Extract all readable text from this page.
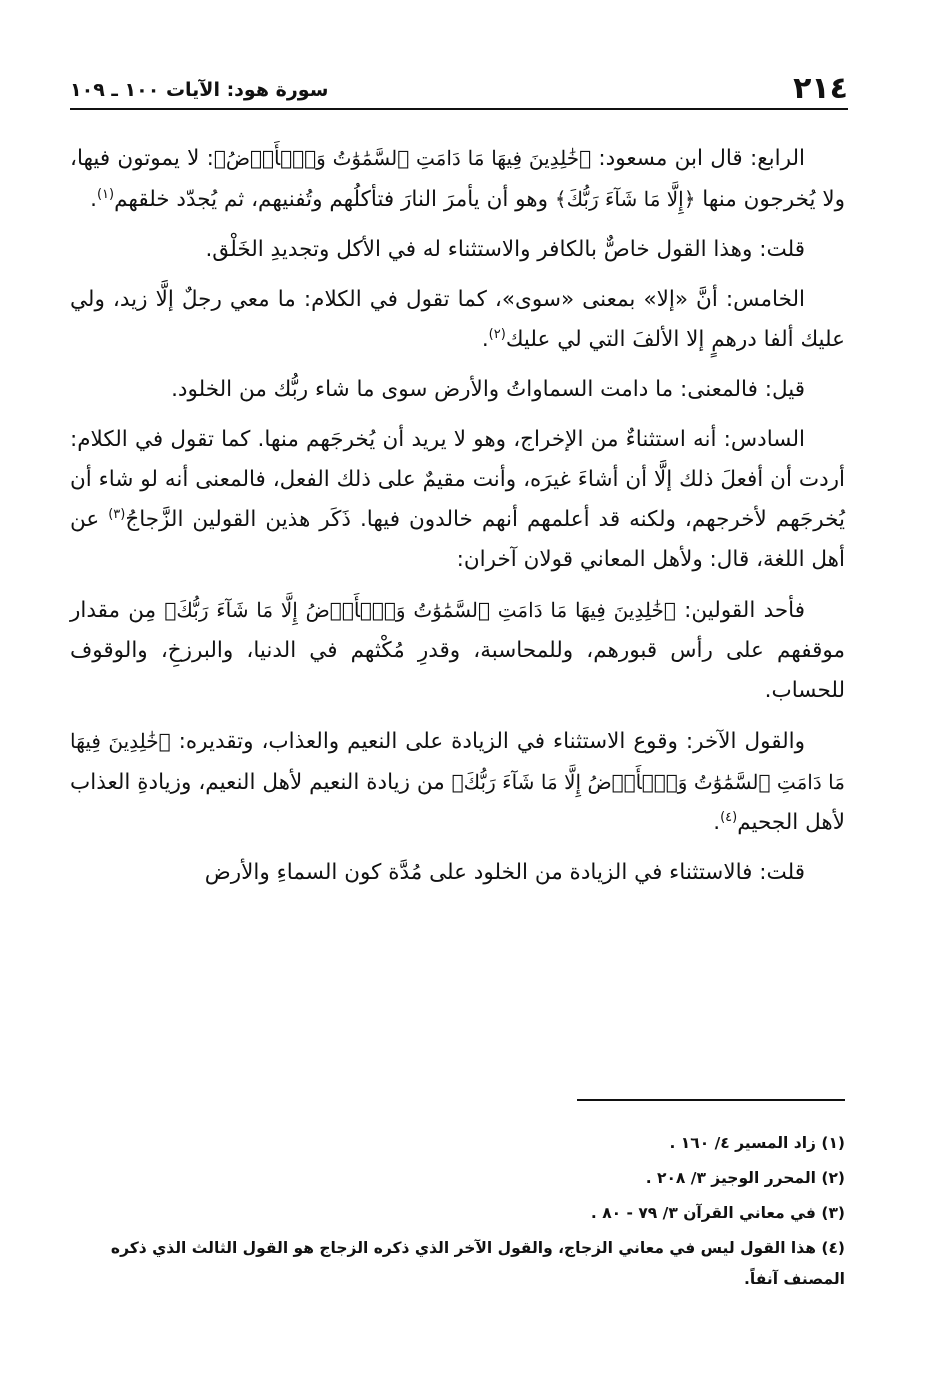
٢١٤
سورة هود: الآيات ١٠٠ ـ ١٠٩

الرابع: قال ابن مسعود: ﴿خَٰلِدِينَ فِيهَا مَا دَامَتِ ٱلسَّمَٰوَٰتُ وَٱلۡأَرۡضُ﴾: لا يموتون فيها، ولا يُخرجون منها ﴿إِلَّا مَا شَآءَ رَبُّكَ﴾ وهو أن يأمرَ النارَ فتأكلُهم وتُفنيهم، ثم يُجدّد خلقهم$^{(١)}$.

قلت: وهذا القول خاصٌّ بالكافر والاستثناء له في الأكل وتجديدِ الخَلْق.

الخامس: أنَّ «إلا» بمعنى «سوى»، كما تقول في الكلام: ما معي رجلٌ إلَّا زيد، ولي عليك ألفا درهمٍ إلا الألفَ التي لي عليك$^{(٢)}$.

قيل: فالمعنى: ما دامت السماواتُ والأرض سوى ما شاء ربُّك من الخلود.

السادس: أنه استثناءٌ من الإخراج، وهو لا يريد أن يُخرجَهم منها. كما تقول في الكلام: أردت أن أفعلَ ذلك إلَّا أن أشاءَ غيرَه، وأنت مقيمٌ على ذلك الفعل، فالمعنى أنه لو شاء أن يُخرجَهم لأخرجهم، ولكنه قد أعلمهم أنهم خالدون فيها. ذَكَر هذين القولين الزَّجاجُ$^{(٣)}$ عن أهل اللغة، قال: ولأهل المعاني قولان آخران:

فأحد القولين: ﴿خَٰلِدِينَ فِيهَا مَا دَامَتِ ٱلسَّمَٰوَٰتُ وَٱلۡأَرۡضُ إِلَّا مَا شَآءَ رَبُّكَ﴾ مِن مقدار موقفهم على رأس قبورهم، وللمحاسبة، وقدرِ مُكْثهم في الدنيا، والبرزخِ، والوقوف للحساب.

والقول الآخر: وقوع الاستثناء في الزيادة على النعيم والعذاب، وتقديره: ﴿خَٰلِدِينَ فِيهَا مَا دَامَتِ ٱلسَّمَٰوَٰتُ وَٱلۡأَرۡضُ إِلَّا مَا شَآءَ رَبُّكَ﴾ من زيادة النعيم لأهل النعيم، وزيادةِ العذاب لأهل الجحيم$^{(٤)}$.

قلت: فالاستثناء في الزيادة من الخلود على مُدَّة كون السماءِ والأرض

(١) زاد المسير ٤/ ١٦٠ .

(٢) المحرر الوجيز ٣/ ٢٠٨ .

(٣) في معاني القرآن ٣/ ٧٩ - ٨٠ .

(٤) هذا القول ليس في معاني الزجاج، والقول الآخر الذي ذكره الزجاج هو القول الثالث الذي ذكره المصنف آنفاً.
